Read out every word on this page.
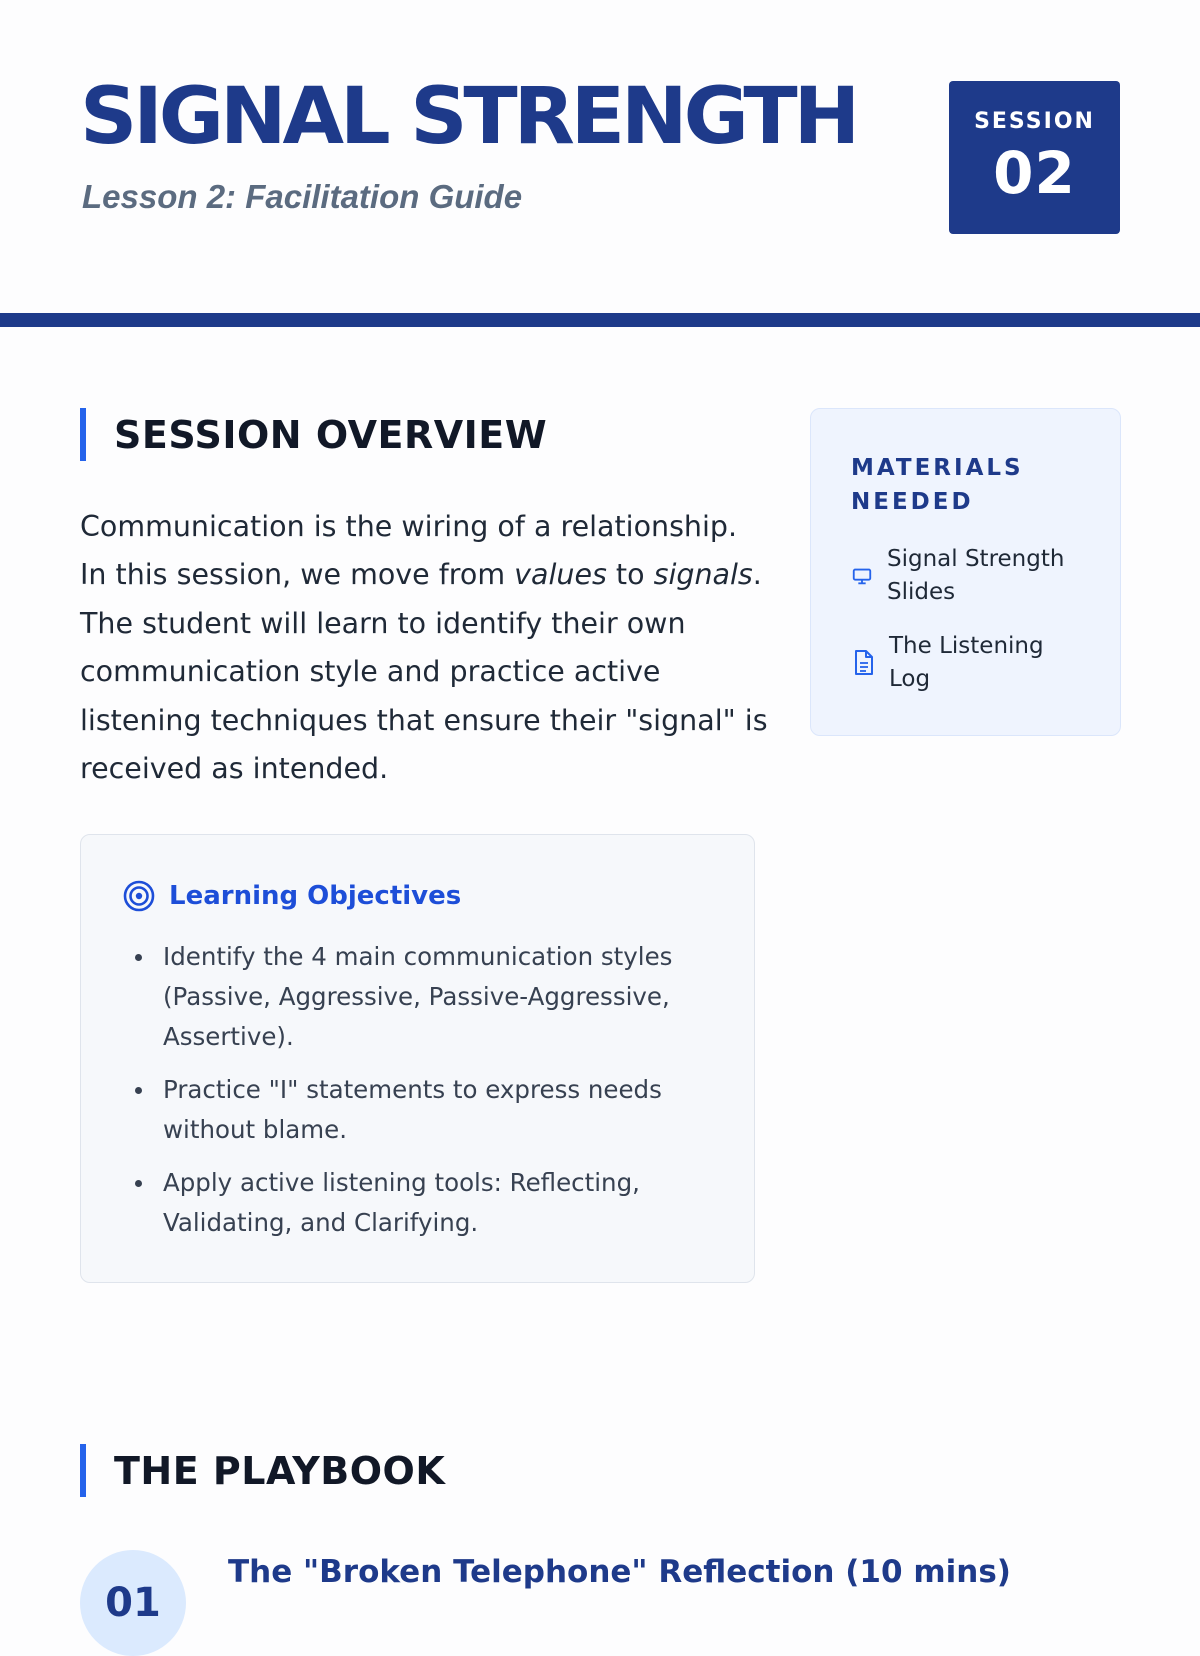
SIGNAL STRENGTH
Lesson 2: Facilitation Guide
SESSION
02
SESSION OVERVIEW

Communication is the wiring of a relationship. In this session, we move from values to signals. The student will learn to identify their own communication style and practice active listening techniques that ensure their "signal" is received as intended.

Learning Objectives
Identify the 4 main communication styles (Passive, Aggressive, Passive-Aggressive, Assertive).
Practice "I" statements to express needs without blame.
Apply active listening tools: Reflecting, Validating, and Clarifying.
MATERIALS NEEDED
Signal Strength Slides
The Listening Log
THE PLAYBOOK
01
The "Broken Telephone" Reflection (10 mins)
